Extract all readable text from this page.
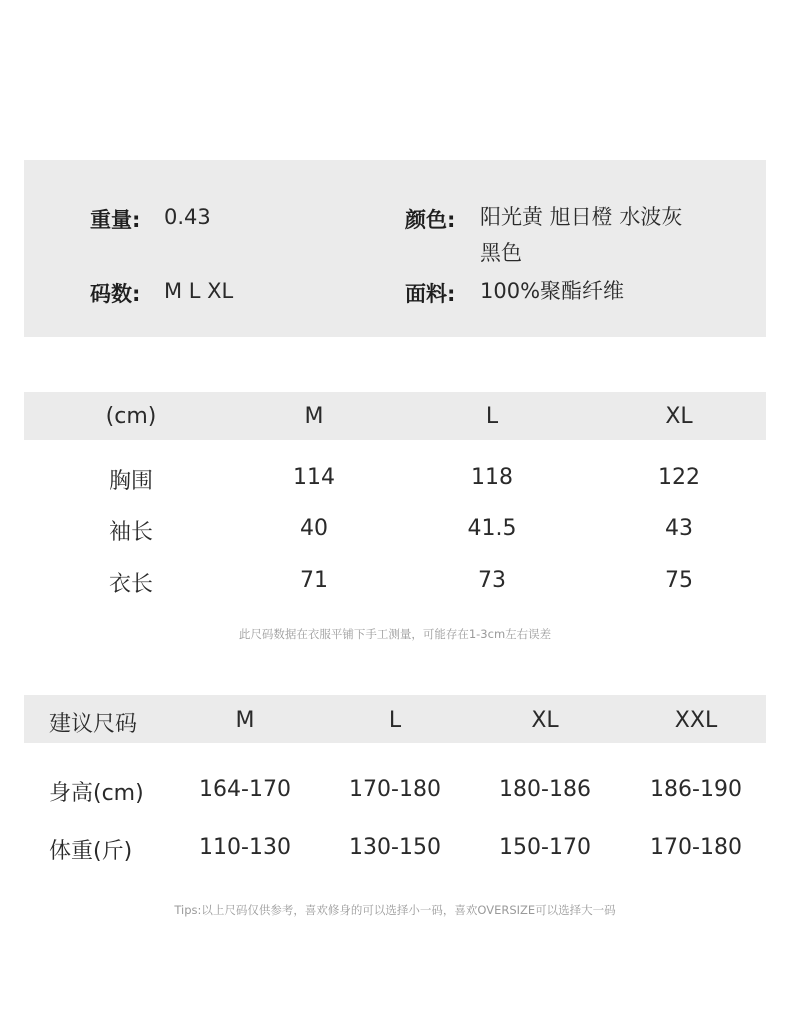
重量: 0.43
码数: M L XL
颜色: 阳光黄 旭日橙 水波灰
黑色
面料: 100%聚酯纤维
(cm)	M	L	XL
胸围	114	118	122
袖长	40	41.5	43
衣长	71	73	75
此尺码数据在衣服平铺下手工测量，可能存在1-3cm左右误差
建议尺码	M	L	XL	XXL
身高(cm)	164-170	170-180	180-186	186-190
体重(斤)	110-130	130-150	150-170	170-180
Tips:以上尺码仅供参考，喜欢修身的可以选择小一码，喜欢OVERSIZE可以选择大一码
